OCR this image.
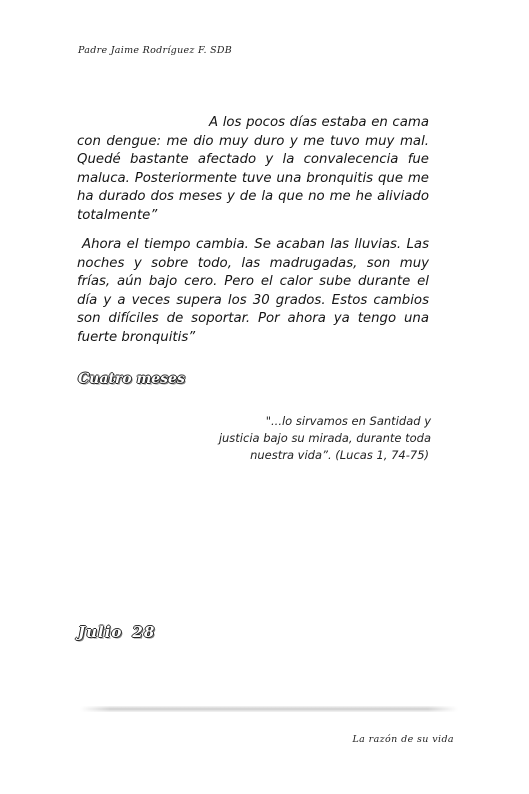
Padre Jaime Rodríguez F. SDB

A los pocos días estaba en cama con dengue: me dio muy duro y me tuvo muy mal. Quedé bastante afectado y la convalecencia fue maluca. Posteriormente tuve una bronquitis que me ha durado dos meses y de la que no me he aliviado totalmente”

Ahora el tiempo cambia. Se acaban las lluvias. Las noches y sobre todo, las madrugadas, son muy frías, aún bajo cero. Pero el calor sube durante el día y a veces supera los 30 grados. Estos cambios son difíciles de soportar. Por ahora ya tengo una fuerte bronquitis”

Cuatro meses
"...lo sirvamos en Santidad y
justicia bajo su mirada, durante toda
nuestra vida”. (Lucas 1, 74-75)
Julio 28
La razón de su vida
